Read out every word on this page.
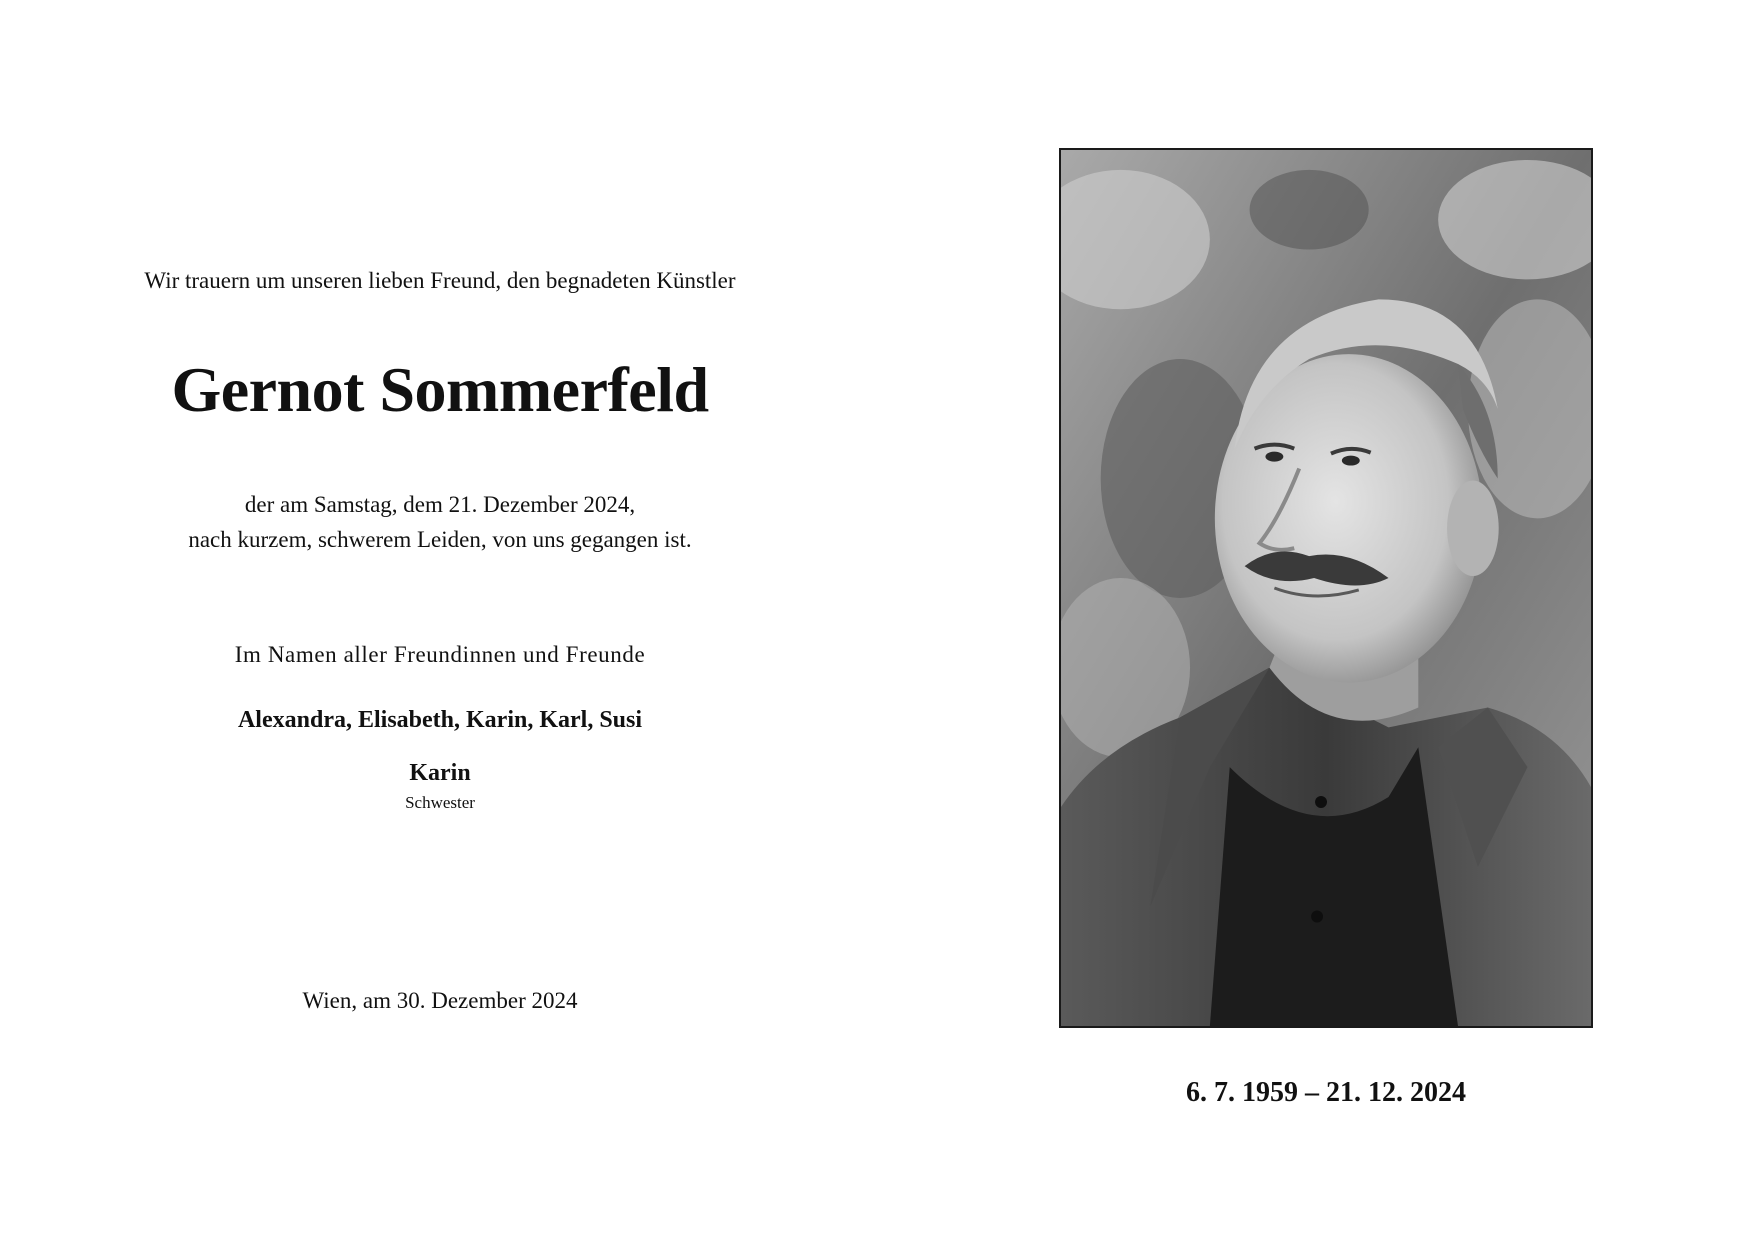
Wir trauern um unseren lieben Freund, den begnadeten Künstler
Gernot Sommerfeld
der am Samstag, dem 21. Dezember 2024,
nach kurzem, schwerem Leiden, von uns gegangen ist.
Im Namen aller Freundinnen und Freunde
Alexandra, Elisabeth, Karin, Karl, Susi
Karin
Schwester
Wien, am 30. Dezember 2024
6. 7. 1959 – 21. 12. 2024
